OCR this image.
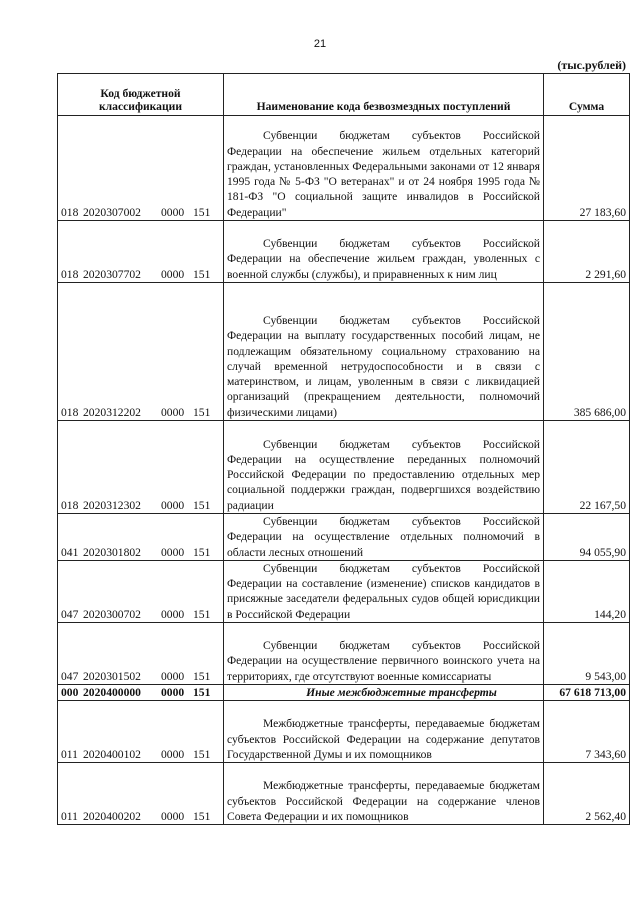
21
(тыс.рублей)
Код бюджетной классификации	Наименование кода безвозмездных поступлений	Сумма
018 2020307002 0000 151	Субвенции бюджетам субъектов Российской Федерации на обеспечение жильем отдельных категорий граждан, установленных Федеральными законами от 12 января 1995 года № 5-ФЗ "О ветеранах" и от 24 ноября 1995 года № 181-ФЗ "О социальной защите инвалидов в Российской Федерации"	27 183,60
018 2020307702 0000 151	Субвенции бюджетам субъектов Российской Федерации на обеспечение жильем граждан, уволенных с военной службы (службы), и приравненных к ним лиц	2 291,60
018 2020312202 0000 151	Субвенции бюджетам субъектов Российской Федерации на выплату государственных пособий лицам, не подлежащим обязательному социальному страхованию на случай временной нетрудоспособности и в связи с материнством, и лицам, уволенным в связи с ликвидацией организаций (прекращением деятельности, полномочий физическими лицами)	385 686,00
018 2020312302 0000 151	Субвенции бюджетам субъектов Российской Федерации на осуществление переданных полномочий Российской Федерации по предоставлению отдельных мер социальной поддержки граждан, подвергшихся воздействию радиации	22 167,50
041 2020301802 0000 151	Субвенции бюджетам субъектов Российской Федерации на осуществление отдельных полномочий в области лесных отношений	94 055,90
047 2020300702 0000 151	Субвенции бюджетам субъектов Российской Федерации на составление (изменение) списков кандидатов в присяжные заседатели федеральных судов общей юрисдикции в Российской Федерации	144,20
047 2020301502 0000 151	Субвенции бюджетам субъектов Российской Федерации на осуществление первичного воинского учета на территориях, где отсутствуют военные комиссариаты	9 543,00
000 2020400000 0000 151	Иные межбюджетные трансферты	67 618 713,00
011 2020400102 0000 151	Межбюджетные трансферты, передаваемые бюджетам субъектов Российской Федерации на содержание депутатов Государственной Думы и их помощников	7 343,60
011 2020400202 0000 151	Межбюджетные трансферты, передаваемые бюджетам субъектов Российской Федерации на содержание членов Совета Федерации и их помощников	2 562,40
